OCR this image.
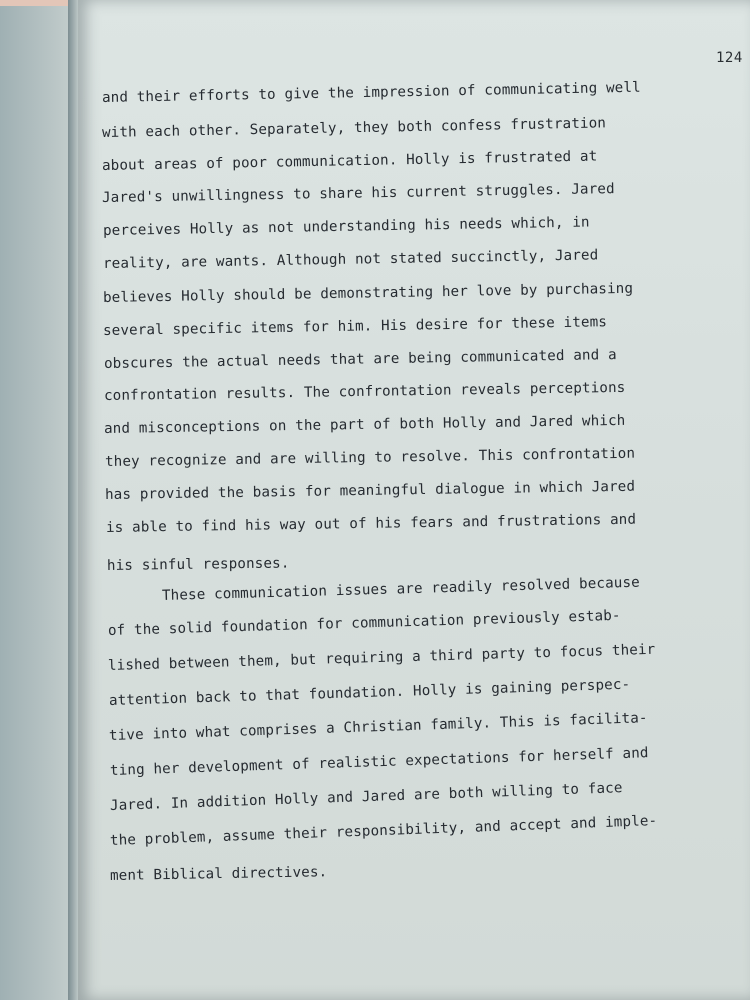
124
and their efforts to give the impression of communicating well
with each other. Separately, they both confess frustration
about areas of poor communication. Holly is frustrated at
Jared's unwillingness to share his current struggles. Jared
perceives Holly as not understanding his needs which, in
reality, are wants. Although not stated succinctly, Jared
believes Holly should be demonstrating her love by purchasing
several specific items for him. His desire for these items
obscures the actual needs that are being communicated and a
confrontation results. The confrontation reveals perceptions
and misconceptions on the part of both Holly and Jared which
they recognize and are willing to resolve. This confrontation
has provided the basis for meaningful dialogue in which Jared
is able to find his way out of his fears and frustrations and
his sinful responses.
These communication issues are readily resolved because
of the solid foundation for communication previously estab-
lished between them, but requiring a third party to focus their
attention back to that foundation. Holly is gaining perspec-
tive into what comprises a Christian family. This is facilita-
ting her development of realistic expectations for herself and
Jared. In addition Holly and Jared are both willing to face
the problem, assume their responsibility, and accept and imple-
ment Biblical directives.
